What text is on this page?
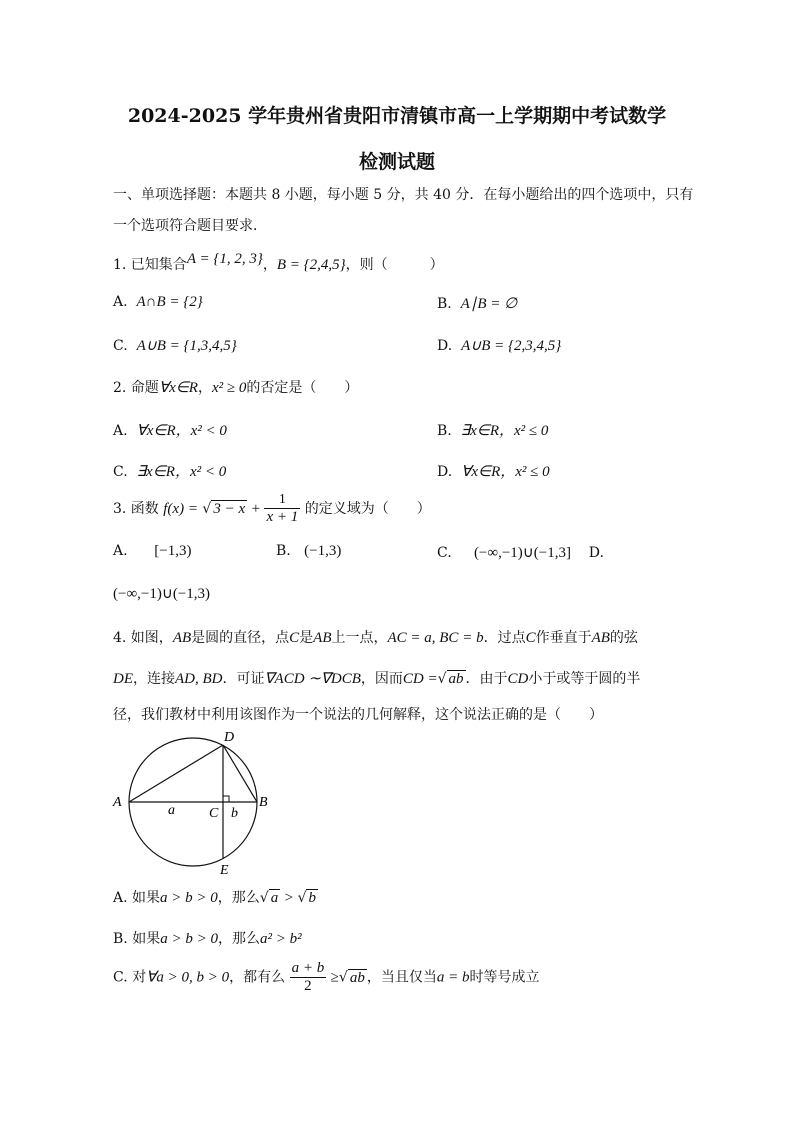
2024-2025 学年贵州省贵阳市清镇市高一上学期期中考试数学
检测试题
一、单项选择题：本题共 8 小题，每小题 5 分，共 40 分．在每小题给出的四个选项中，只有
一个选项符合题目要求．
1. 已知集合A = {1, 2, 3}，B = {2,4,5}，则（　　　）
A. A∩B = {2}	B. A∣B = ∅
C. A∪B = {1,3,4,5}	D. A∪B = {2,3,4,5}
2. 命题∀x∈R，x² ≥ 0的否定是（　　）
A. ∀x∈R，x² < 0	B. ∃x∈R，x² ≤ 0
C. ∃x∈R，x² < 0	D. ∀x∈R，x² ≤ 0
3. 函数 f(x) = √ $3 - x + \frac{1}{x + 1}$ 的定义域为（　　）
A. [−1,3)	B. (−1,3)	C. (−∞,−1)∪(−1,3] D.
(−∞,−1)∪(−1,3)
4. 如图，AB是圆的直径，点C是AB上一点，AC = a, BC = b．过点C作垂直于AB的弦
DE，连接AD, BD．可证∇ACD ∼∇DCB，因而CD =√ ab ．由于CD小于或等于圆的半
径，我们教材中利用该图作为一个说法的几何解释，这个说法正确的是（　　）
D
A
a C b
B
E
A. 如果a > b > 0，那么√ a > √ b
B. 如果a > b > 0，那么a² > b²
C. 对∀a > 0, b > 0，都有么 $\frac{a + b}{2}$ ≥√ ab ，当且仅当a = b时等号成立
